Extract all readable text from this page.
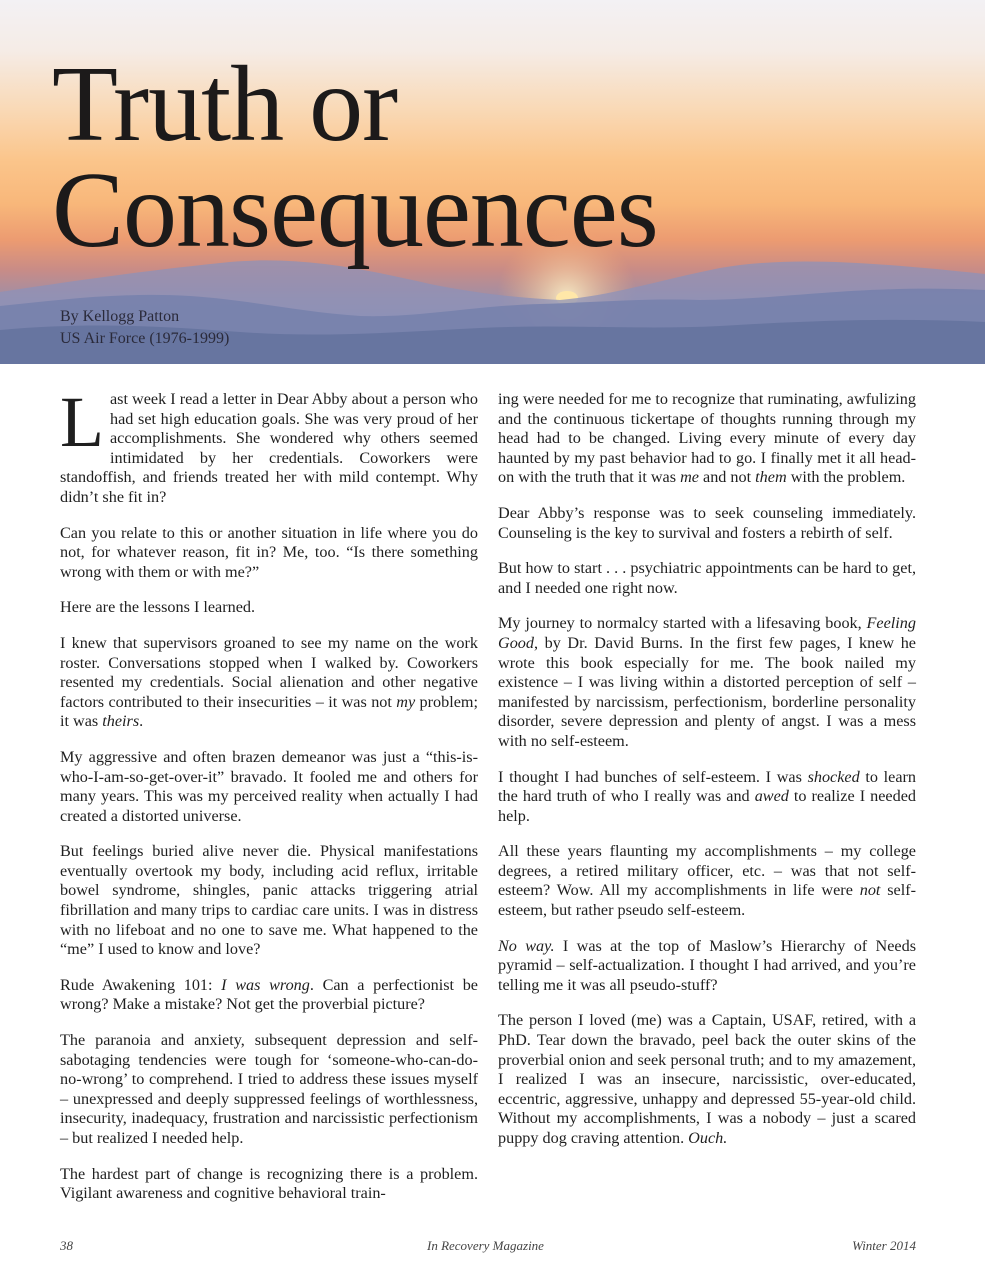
Truth or
Consequences
By Kellogg Patton
US Air Force (1976-1999)

Last week I read a letter in Dear Abby about a person who had set high education goals. She was very proud of her accomplishments. She wondered why others seemed intimidated by her credentials. Coworkers were standoffish, and friends treated her with mild contempt. Why didn’t she fit in?

Can you relate to this or another situation in life where you do not, for whatever reason, fit in? Me, too. “Is there something wrong with them or with me?”

Here are the lessons I learned.

I knew that supervisors groaned to see my name on the work roster. Conversations stopped when I walked by. Coworkers resented my credentials. Social alienation and other negative factors contributed to their insecurities – it was not my problem; it was theirs.

My aggressive and often brazen demeanor was just a “this-is-who-I-am-so-get-over-it” bravado. It fooled me and others for many years. This was my perceived reality when actually I had created a distorted universe.

But feelings buried alive never die. Physical manifestations eventually overtook my body, including acid reflux, irritable bowel syndrome, shingles, panic attacks triggering atrial fibrillation and many trips to cardiac care units. I was in distress with no lifeboat and no one to save me. What happened to the “me” I used to know and love?

Rude Awakening 101: I was wrong. Can a perfectionist be wrong? Make a mistake? Not get the proverbial picture?

The paranoia and anxiety, subsequent depression and self-sabotaging tendencies were tough for ‘someone-who-can-do-no-wrong’ to comprehend. I tried to address these issues myself – unexpressed and deeply suppressed feelings of worthlessness, insecurity, inadequacy, frustration and narcissistic perfectionism – but realized I needed help.

The hardest part of change is recognizing there is a problem. Vigilant awareness and cognitive behavioral train-

ing were needed for me to recognize that ruminating, awfulizing and the continuous tickertape of thoughts running through my head had to be changed. Living every minute of every day haunted by my past behavior had to go. I finally met it all head-on with the truth that it was me and not them with the problem.

Dear Abby’s response was to seek counseling immediately. Counseling is the key to survival and fosters a rebirth of self.

But how to start . . . psychiatric appointments can be hard to get, and I needed one right now.

My journey to normalcy started with a lifesaving book, Feeling Good, by Dr. David Burns. In the first few pages, I knew he wrote this book especially for me. The book nailed my existence – I was living within a distorted perception of self – manifested by narcissism, perfectionism, borderline personality disorder, severe depression and plenty of angst. I was a mess with no self-esteem.

I thought I had bunches of self-esteem. I was shocked to learn the hard truth of who I really was and awed to realize I needed help.

All these years flaunting my accomplishments – my college degrees, a retired military officer, etc. – was that not self-esteem? Wow. All my accomplishments in life were not self-esteem, but rather pseudo self-esteem.

No way. I was at the top of Maslow’s Hierarchy of Needs pyramid – self-actualization. I thought I had arrived, and you’re telling me it was all pseudo-stuff?

The person I loved (me) was a Captain, USAF, retired, with a PhD. Tear down the bravado, peel back the outer skins of the proverbial onion and seek personal truth; and to my amazement, I realized I was an insecure, narcissistic, over-educated, eccentric, aggressive, unhappy and depressed 55-year-old child. Without my accomplishments, I was a nobody – just a scared puppy dog craving attention. Ouch.

38	In Recovery Magazine	Winter 2014
